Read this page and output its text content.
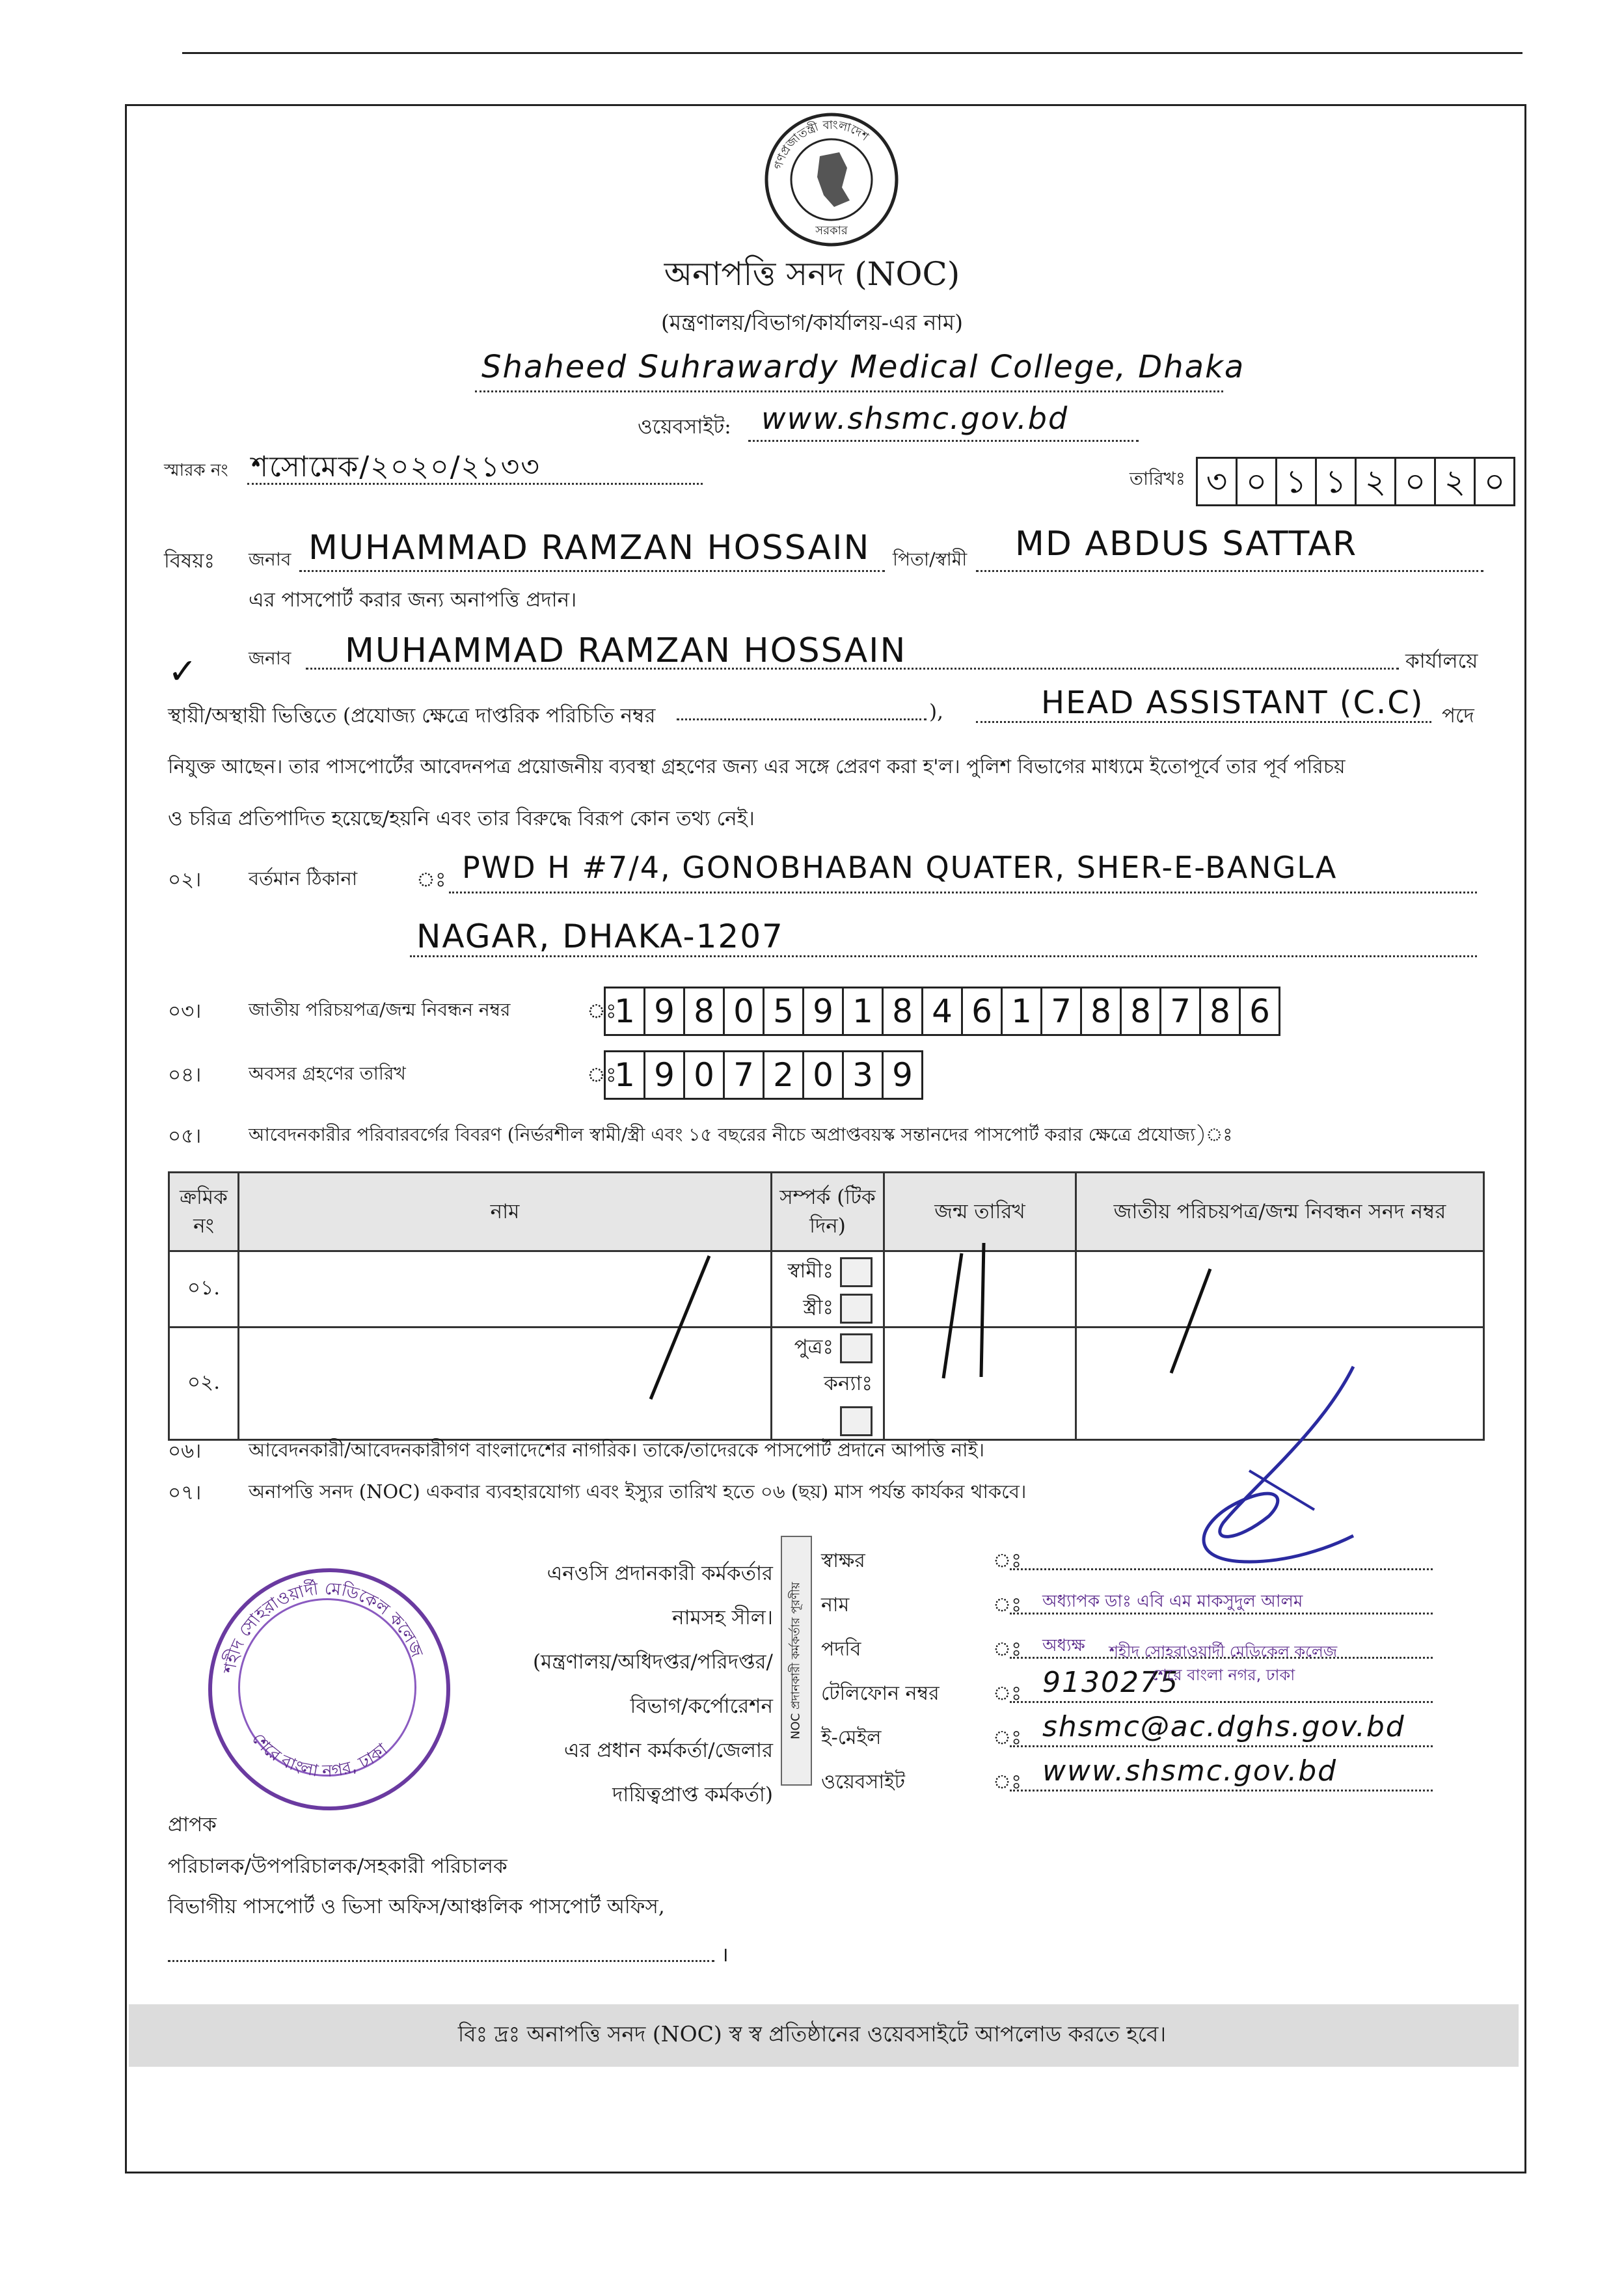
গণপ্রজাতন্ত্রী বাংলাদেশ
সরকার
অনাপত্তি সনদ (NOC)
(মন্ত্রণালয়/বিভাগ/কার্যালয়-এর নাম)
Shaheed Suhrawardy Medical College, Dhaka
ওয়েবসাইট: www.shsmc.gov.bd
স্মারক নং শসোমেক/২০২০/২১৩৩	তারিখঃ ৩ ০ ১ ১ ২ ০ ২ ০
বিষয়ঃ জনাব MUHAMMAD RAMZAN HOSSAIN পিতা/স্বামী MD ABDUS SATTAR
এর পাসপোর্ট করার জন্য অনাপত্তি প্রদান।
জনাব MUHAMMAD RAMZAN HOSSAIN	কার্যালয়ে
✓
স্থায়ী/অস্থায়ী ভিত্তিতে (প্রযোজ্য ক্ষেত্রে দাপ্তরিক পরিচিতি নম্বর	),	HEAD ASSISTANT (C.C) পদে
নিযুক্ত আছেন। তার পাসপোর্টের আবেদনপত্র প্রয়োজনীয় ব্যবস্থা গ্রহণের জন্য এর সঙ্গে প্রেরণ করা হ'ল। পুলিশ বিভাগের মাধ্যমে ইতোপূর্বে তার পূর্ব পরিচয়
ও চরিত্র প্রতিপাদিত হয়েছে/হয়নি এবং তার বিরুদ্ধে বিরূপ কোন তথ্য নেই।
০২।	বর্তমান ঠিকানা	ঃ PWD H #7/4, GONOBHABAN QUATER, SHER-E-BANGLA
NAGAR, DHAKA-1207
০৩।	জাতীয় পরিচয়পত্র/জন্ম নিবন্ধন নম্বর	ঃ
1 9 8 0 5 9 1 8 4 6 1 7 8 8 7 8 6
০৪।	অবসর গ্রহণের তারিখ	ঃ
1 9 0 7 2 0 3 9
০৫।	আবেদনকারীর পরিবারবর্গের বিবরণ (নির্ভরশীল স্বামী/স্ত্রী এবং ১৫ বছরের নীচে অপ্রাপ্তবয়স্ক সন্তানদের পাসপোর্ট করার ক্ষেত্রে প্রযোজ্য)ঃ
ক্রমিক নং	নাম	সম্পর্ক (টিক দিন)	জন্ম তারিখ	জাতীয় পরিচয়পত্র/জন্ম নিবন্ধন সনদ নম্বর
০১.		স্বামীঃ
স্ত্রীঃ		

০২.		পুত্রঃ
কন্যাঃ		

০৬।	আবেদনকারী/আবেদনকারীগণ বাংলাদেশের নাগরিক। তাকে/তাদেরকে পাসপোর্ট প্রদানে আপত্তি নাই।
০৭।	অনাপত্তি সনদ (NOC) একবার ব্যবহারযোগ্য এবং ইস্যুর তারিখ হতে ০৬ (ছয়) মাস পর্যন্ত কার্যকর থাকবে।
এনওসি প্রদানকারী কর্মকর্তার
নামসহ সীল।
(মন্ত্রণালয়/অধিদপ্তর/পরিদপ্তর/
বিভাগ/কর্পোরেশন
এর প্রধান কর্মকর্তা/জেলার
দায়িত্বপ্রাপ্ত কর্মকর্তা)
NOC প্রদানকারী কর্মকর্তার পূরণীয়
স্বাক্ষর	ঃ
নাম	ঃ অধ্যাপক ডাঃ এবি এম মাকসুদুল আলম
পদবি	ঃ অধ্যক্ষ
টেলিফোন নম্বর	ঃ 9130275
ই-মেইল	ঃ shsmc@ac.dghs.gov.bd
ওয়েবসাইট	ঃ www.shsmc.gov.bd
শহীদ সোহরাওয়ার্দী মেডিকেল কলেজ
শেরে বাংলা নগর, ঢাকা
শহীদ সোহরাওয়ার্দী মেডিকেল কলেজ
শেরে বাংলা নগর, ঢাকা
প্রাপক
পরিচালক/উপপরিচালক/সহকারী পরিচালক
বিভাগীয় পাসপোর্ট ও ভিসা অফিস/আঞ্চলিক পাসপোর্ট অফিস,
।
বিঃ দ্রঃ অনাপত্তি সনদ (NOC) স্ব স্ব প্রতিষ্ঠানের ওয়েবসাইটে আপলোড করতে হবে।
